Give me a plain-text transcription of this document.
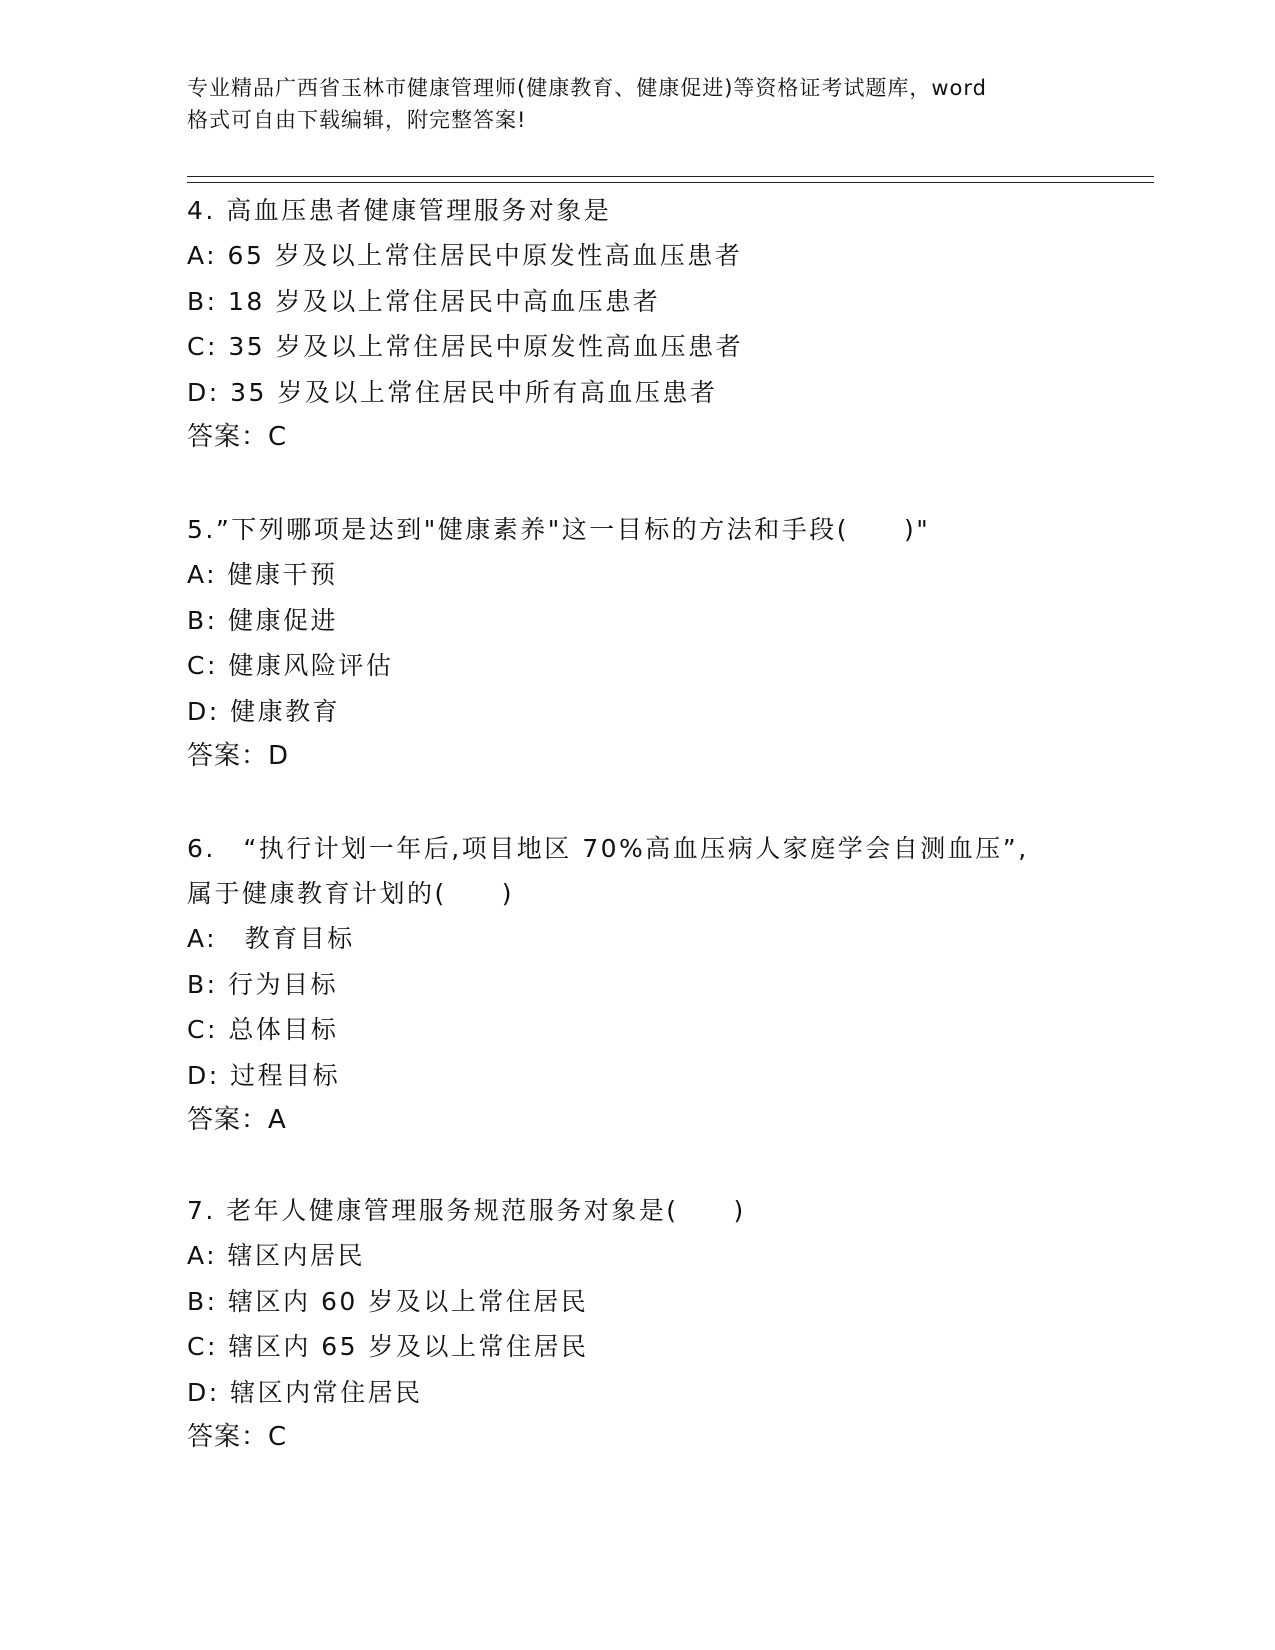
专业精品广西省玉林市健康管理师(健康教育、健康促进)等资格证考试题库，word
格式可自由下载编辑，附完整答案!
4. 高血压患者健康管理服务对象是
A: 65 岁及以上常住居民中原发性高血压患者
B: 18 岁及以上常住居民中高血压患者
C: 35 岁及以上常住居民中原发性高血压患者
D: 35 岁及以上常住居民中所有高血压患者
答案：C
5.”下列哪项是达到"健康素养"这一目标的方法和手段(　　)"
A: 健康干预
B: 健康促进
C: 健康风险评估
D: 健康教育
答案：D
6.　“执行计划一年后,项目地区 70%高血压病人家庭学会自测血压”,
属于健康教育计划的(　　)
A:　教育目标
B: 行为目标
C: 总体目标
D: 过程目标
答案：A
7. 老年人健康管理服务规范服务对象是(　　)
A: 辖区内居民
B: 辖区内 60 岁及以上常住居民
C: 辖区内 65 岁及以上常住居民
D: 辖区内常住居民
答案：C
